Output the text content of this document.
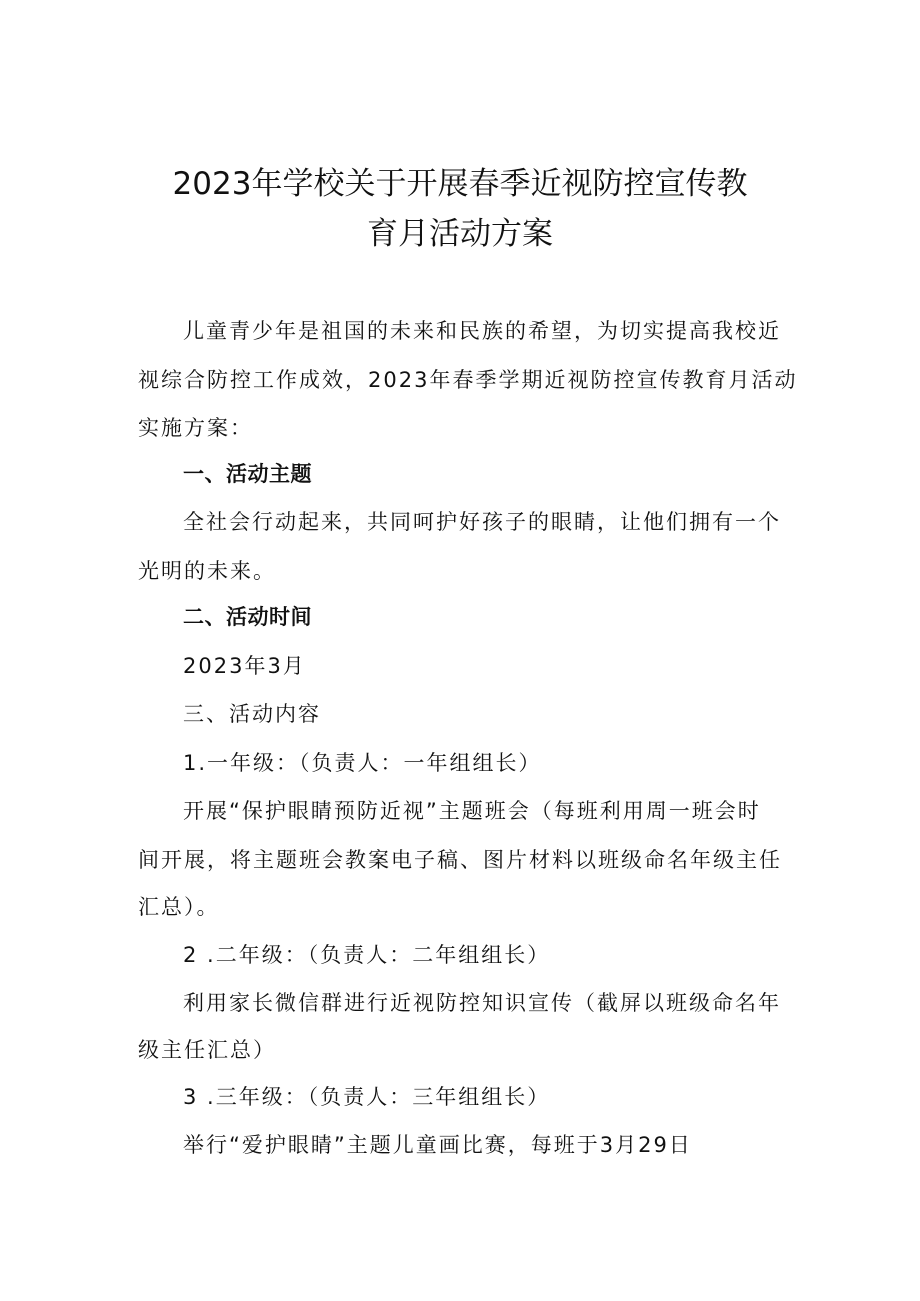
2023年学校关于开展春季近视防控宣传教
育月活动方案

儿童青少年是祖国的未来和民族的希望，为切实提高我校近

视综合防控工作成效，2023年春季学期近视防控宣传教育月活动

实施方案：

一、活动主题

全社会行动起来，共同呵护好孩子的眼睛，让他们拥有一个

光明的未来。

二、活动时间

2023年3月

三、活动内容

1.一年级：（负责人：一年组组长）

开展“保护眼睛预防近视”主题班会（每班利用周一班会时

间开展，将主题班会教案电子稿、图片材料以班级命名年级主任

汇总）。

2 .二年级：（负责人：二年组组长）

利用家长微信群进行近视防控知识宣传（截屏以班级命名年

级主任汇总）

3 .三年级：（负责人：三年组组长）

举行“爱护眼睛”主题儿童画比赛，每班于3月29日
